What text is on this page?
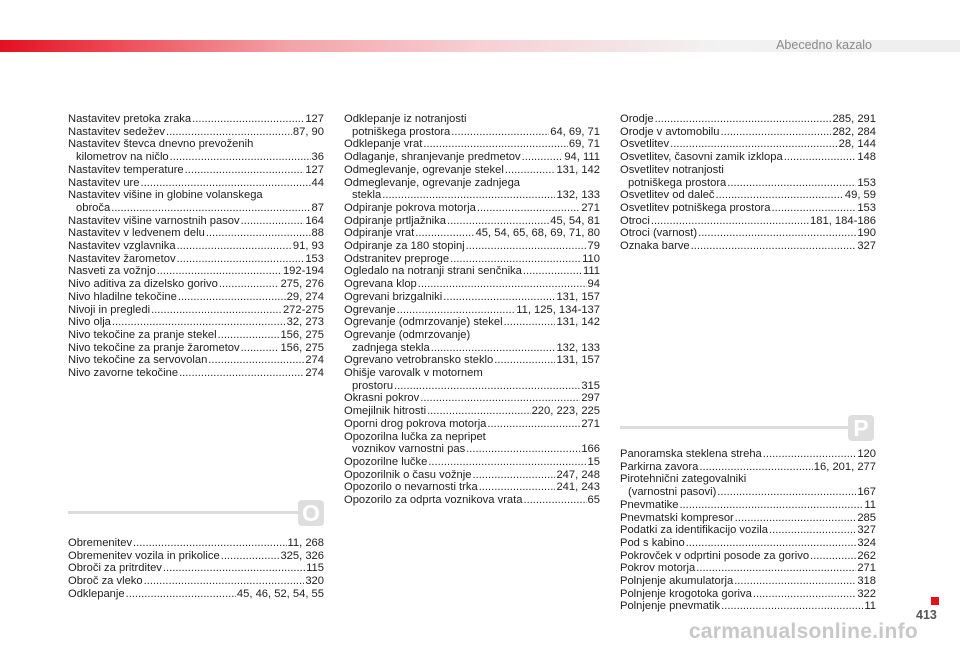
Abecedno kazalo
Nastavitev pretoka zraka .....	127
Nastavitev sedežev .....	87, 90
Nastavitev števca dnevno prevoženih
kilometrov na ničlo .....	36
Nastavitev temperature .....	127
Nastavitev ure .....	44
Nastavitev višine in globine volanskega
obroča .....	87
Nastavitev višine varnostnih pasov .....	164
Nastavitev v ledvenem delu .....	88
Nastavitev vzglavnika .....	91, 93
Nastavitev žarometov .....	153
Nasveti za vožnjo .....	192-194
Nivo aditiva za dizelsko gorivo .....	275, 276
Nivo hladilne tekočine .....	29, 274
Nivoji in pregledi .....	272-275
Nivo olja .....	32, 273
Nivo tekočine za pranje stekel .....	156, 275
Nivo tekočine za pranje žarometov .....	156, 275
Nivo tekočine za servovolan .....	274
Nivo zavorne tekočine .....	274
O
Obremenitev .....	11, 268
Obremenitev vozila in prikolice .....	325, 326
Obroči za pritrditev .....	115
Obroč za vleko .....	320
Odklepanje .....	45, 46, 52, 54, 55
Odklepanje iz notranjosti
potniškega prostora .....	64, 69, 71
Odklepanje vrat .....	69, 71
Odlaganje, shranjevanje predmetov .....	94, 111
Odmeglevanje, ogrevanje stekel .....	131, 142
Odmeglevanje, ogrevanje zadnjega
stekla .....	132, 133
Odpiranje pokrova motorja .....	271
Odpiranje prtljažnika .....	45, 54, 81
Odpiranje vrat .....	45, 54, 65, 68, 69, 71, 80
Odpiranje za 180 stopinj .....	79
Odstranitev preproge .....	110
Ogledalo na notranji strani senčnika .....	111
Ogrevana klop .....	94
Ogrevani brizgalniki .....	131, 157
Ogrevanje .....	11, 125, 134-137
Ogrevanje (odmrzovanje) stekel .....	131, 142
Ogrevanje (odmrzovanje)
zadnjega stekla .....	132, 133
Ogrevano vetrobransko steklo .....	131, 157
Ohišje varovalk v motornem
prostoru .....	315
Okrasni pokrov .....	297
Omejilnik hitrosti .....	220, 223, 225
Oporni drog pokrova motorja .....	271
Opozorilna lučka za nepripet
voznikov varnostni pas .....	166
Opozorilne lučke .....	15
Opozorilnik o času vožnje .....	247, 248
Opozorilo o nevarnosti trka .....	241, 243
Opozorilo za odprta voznikova vrata .....	65
Orodje .....	285, 291
Orodje v avtomobilu .....	282, 284
Osvetlitev .....	28, 144
Osvetlitev, časovni zamik izklopa .....	148
Osvetlitev notranjosti
potniškega prostora .....	153
Osvetlitev od daleč .....	49, 59
Osvetlitev potniškega prostora .....	153
Otroci .....	181, 184-186
Otroci (varnost) .....	190
Oznaka barve .....	327
P
Panoramska steklena streha .....	120
Parkirna zavora .....	16, 201, 277
Pirotehnični zategovalniki
(varnostni pasovi) .....	167
Pnevmatike .....	11
Pnevmatski kompresor .....	285
Podatki za identifikacijo vozila .....	327
Pod s kabino .....	324
Pokrovček v odprtini posode za gorivo .....	262
Pokrov motorja .....	271
Polnjenje akumulatorja .....	318
Polnjenje krogotoka goriva .....	322
Polnjenje pnevmatik .....	11
413
carmanualsonline.info
